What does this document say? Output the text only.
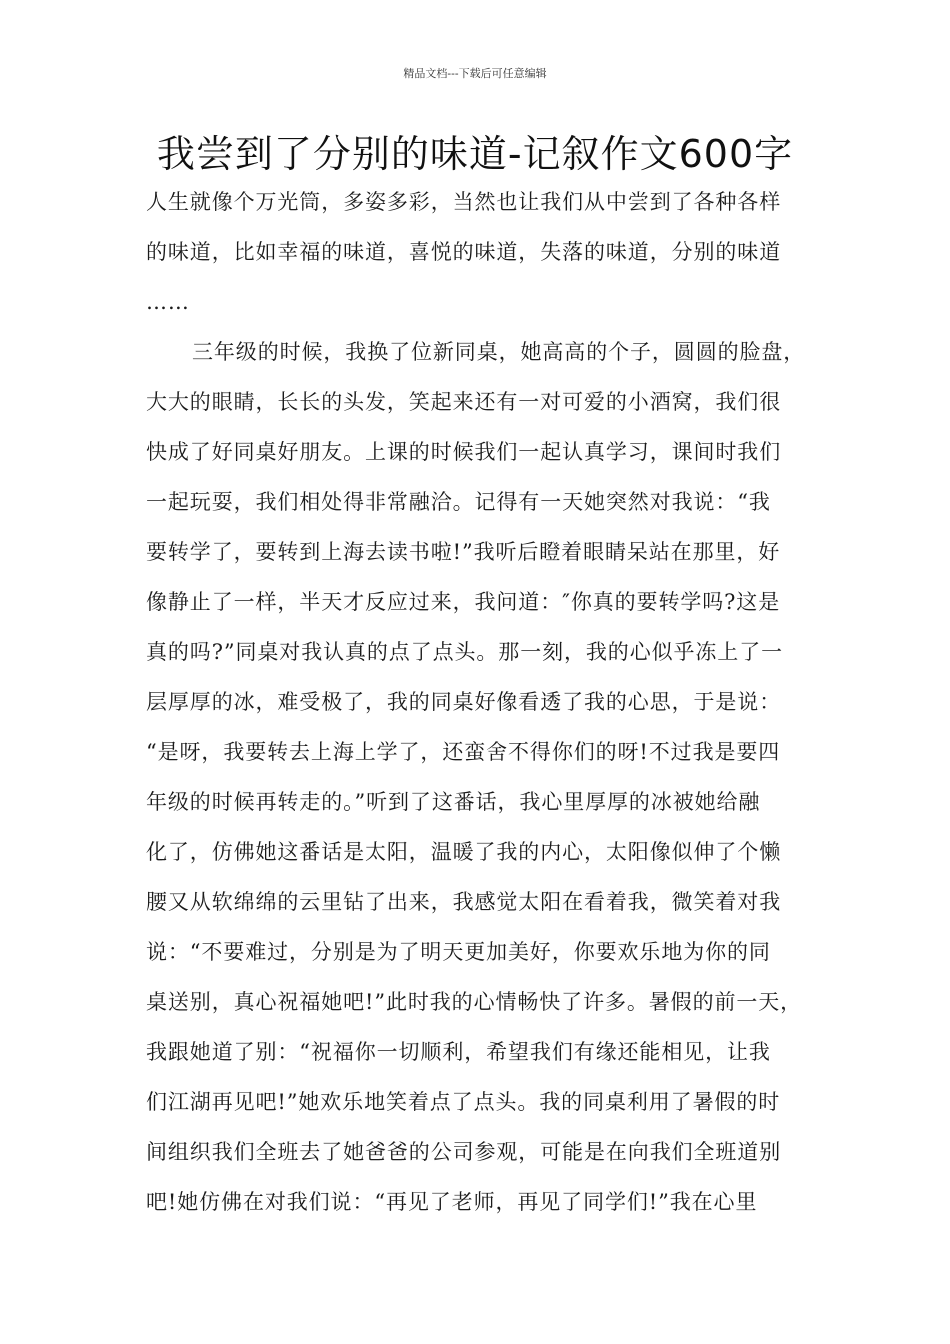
精品文档---下载后可任意编辑
我尝到了分别的味道-记叙作文600字
人生就像个万光筒，多姿多彩，当然也让我们从中尝到了各种各样
的味道，比如幸福的味道，喜悦的味道，失落的味道，分别的味道
……
三年级的时候，我换了位新同桌，她高高的个子，圆圆的脸盘，
大大的眼睛，长长的头发，笑起来还有一对可爱的小酒窝，我们很
快成了好同桌好朋友。上课的时候我们一起认真学习，课间时我们
一起玩耍，我们相处得非常融洽。记得有一天她突然对我说：“我
要转学了，要转到上海去读书啦!”我听后瞪着眼睛呆站在那里，好
像静止了一样，半天才反应过来，我问道：″你真的要转学吗?这是
真的吗?”同桌对我认真的点了点头。那一刻，我的心似乎冻上了一
层厚厚的冰，难受极了，我的同桌好像看透了我的心思，于是说：
“是呀，我要转去上海上学了，还蛮舍不得你们的呀!不过我是要四
年级的时候再转走的。”听到了这番话，我心里厚厚的冰被她给融
化了，仿佛她这番话是太阳，温暖了我的内心，太阳像似伸了个懒
腰又从软绵绵的云里钻了出来，我感觉太阳在看着我，微笑着对我
说：“不要难过，分别是为了明天更加美好，你要欢乐地为你的同
桌送别，真心祝福她吧!”此时我的心情畅快了许多。暑假的前一天，
我跟她道了别：“祝福你一切顺利，希望我们有缘还能相见，让我
们江湖再见吧!”她欢乐地笑着点了点头。我的同桌利用了暑假的时
间组织我们全班去了她爸爸的公司参观，可能是在向我们全班道别
吧!她仿佛在对我们说：“再见了老师，再见了同学们!”我在心里
